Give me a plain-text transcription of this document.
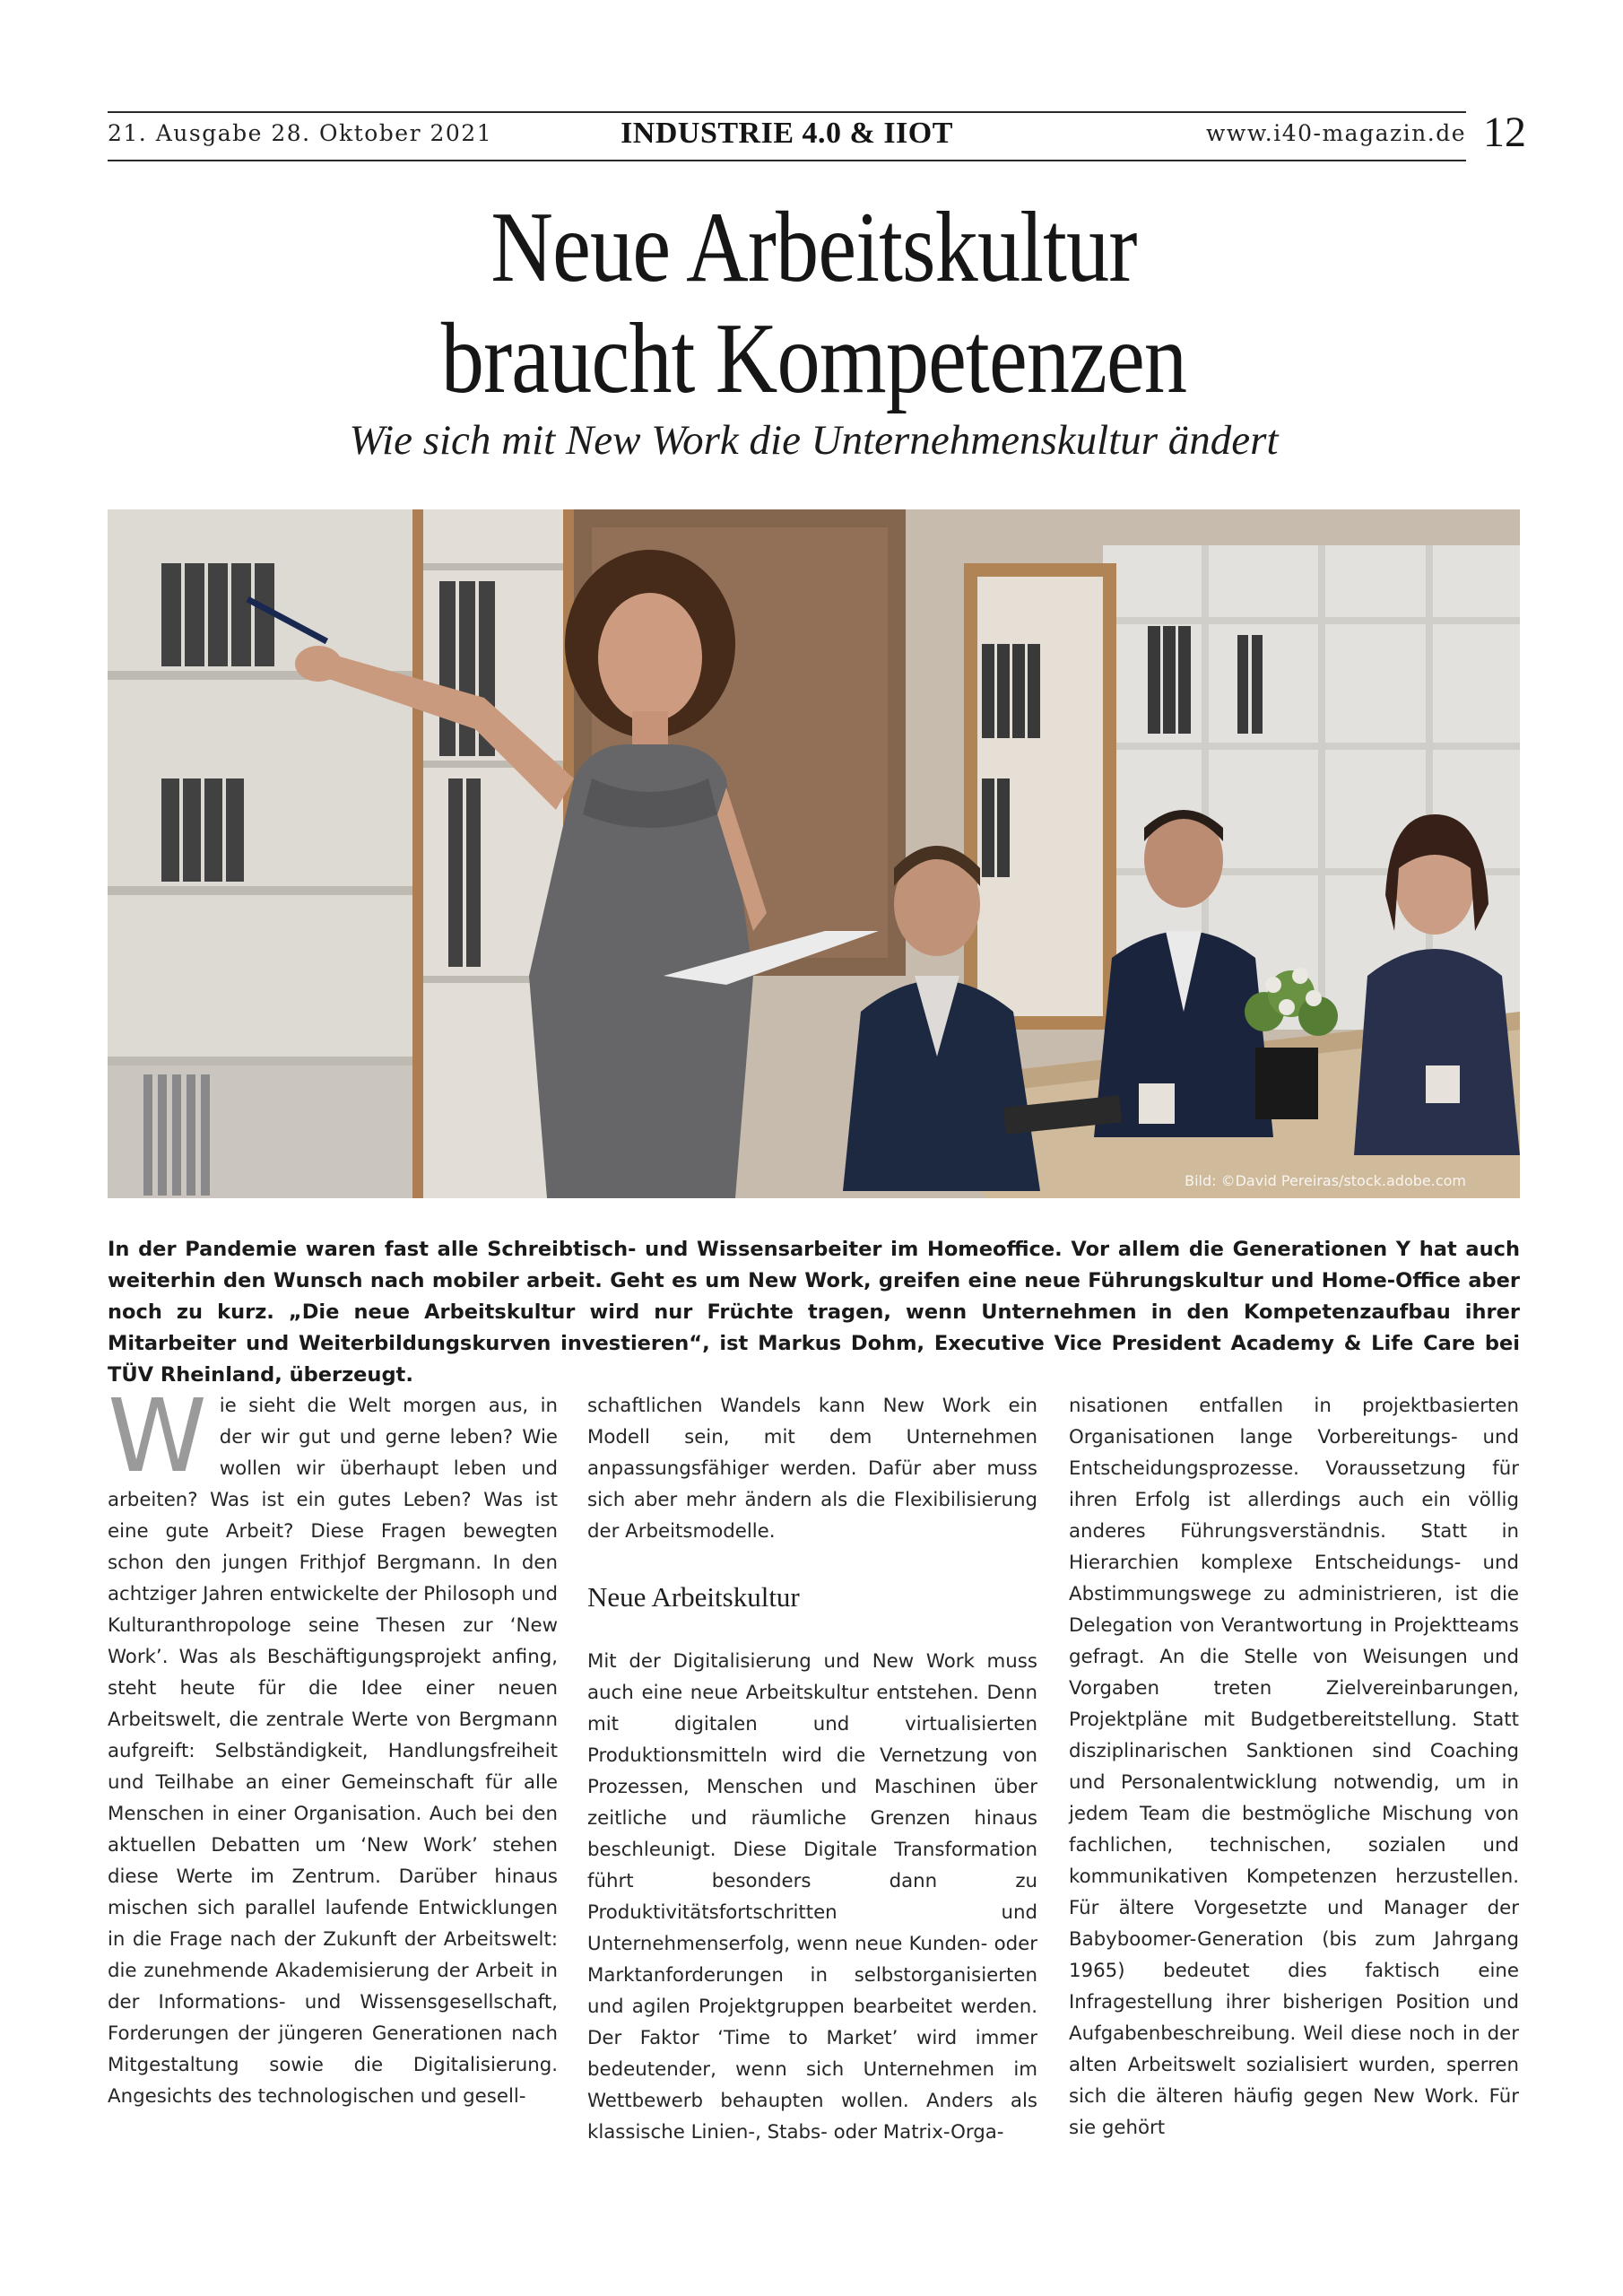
21. Ausgabe 28. Oktober 2021	INDUSTRIE 4.0 & IIOT	www.i40-magazin.de 12
Neue Arbeitskultur
braucht Kompetenzen
Wie sich mit New Work die Unternehmenskultur ändert
Bild: ©David Pereiras/stock.adobe.com

In der Pandemie waren fast alle Schreibtisch- und Wissensarbeiter im Homeoffice. Vor allem die Generationen Y hat auch weiterhin den Wunsch nach mobiler arbeit. Geht es um New Work, greifen eine neue Führungskultur und Home-Office aber noch zu kurz. „Die neue Arbeitskultur wird nur Früchte tragen, wenn Unternehmen in den Kompetenzaufbau ihrer Mitarbeiter und Weiterbildungskurven investieren“, ist Markus Dohm, Executive Vice President Academy & Life Care bei TÜV Rheinland, überzeugt.

Wie sieht die Welt morgen aus, in der wir gut und gerne leben? Wie wollen wir überhaupt leben und arbeiten? Was ist ein gutes Leben? Was ist eine gute Arbeit? Diese Fragen bewegten schon den jungen Frithjof Bergmann. In den achtziger Jahren entwickelte der Philosoph und Kulturanthropologe seine Thesen zur ‘New Work’. Was als Beschäftigungsprojekt anfing, steht heute für die Idee einer neuen Arbeitswelt, die zentrale Werte von Bergmann aufgreift: Selbständigkeit, Handlungsfreiheit und Teilhabe an einer Gemeinschaft für alle Menschen in einer Organisation. Auch bei den aktuellen Debatten um ‘New Work’ stehen diese Werte im Zentrum. Darüber hinaus mischen sich parallel laufende Entwicklungen in die Frage nach der Zukunft der Arbeitswelt: die zunehmende Akademisierung der Arbeit in der Informations- und Wissensgesellschaft, Forderungen der jüngeren Generationen nach Mitgestaltung sowie die Digitalisierung. Angesichts des technologischen und gesell-

schaftlichen Wandels kann New Work ein Modell sein, mit dem Unternehmen anpassungsfähiger werden. Dafür aber muss sich aber mehr ändern als die Flexibilisierung der Arbeitsmodelle.

Neue Arbeitskultur

Mit der Digitalisierung und New Work muss auch eine neue Arbeitskultur entstehen. Denn mit digitalen und virtualisierten Produktionsmitteln wird die Vernetzung von Prozessen, Menschen und Maschinen über zeitliche und räumliche Grenzen hinaus beschleunigt. Diese Digitale Transformation führt besonders dann zu Produktivitätsfortschritten und Unternehmenserfolg, wenn neue Kunden- oder Marktanforderungen in selbstorganisierten und agilen Projektgruppen bearbeitet werden. Der Faktor ‘Time to Market’ wird immer bedeutender, wenn sich Unternehmen im Wettbewerb behaupten wollen. Anders als klassische Linien-, Stabs- oder Matrix-Orga-

nisationen entfallen in projektbasierten Organisationen lange Vorbereitungs- und Entscheidungsprozesse. Voraussetzung für ihren Erfolg ist allerdings auch ein völlig anderes Führungsverständnis. Statt in Hierarchien komplexe Entscheidungs- und Abstimmungswege zu administrieren, ist die Delegation von Verantwortung in Projektteams gefragt. An die Stelle von Weisungen und Vorgaben treten Zielvereinbarungen, Projektpläne mit Budgetbereitstellung. Statt disziplinarischen Sanktionen sind Coaching und Personalentwicklung notwendig, um in jedem Team die bestmögliche Mischung von fachlichen, technischen, sozialen und kommunikativen Kompetenzen herzustellen. Für ältere Vorgesetzte und Manager der Babyboomer-Generation (bis zum Jahrgang 1965) bedeutet dies faktisch eine Infragestellung ihrer bisherigen Position und Aufgabenbeschreibung. Weil diese noch in der alten Arbeitswelt sozialisiert wurden, sperren sich die älteren häufig gegen New Work. Für sie gehört
